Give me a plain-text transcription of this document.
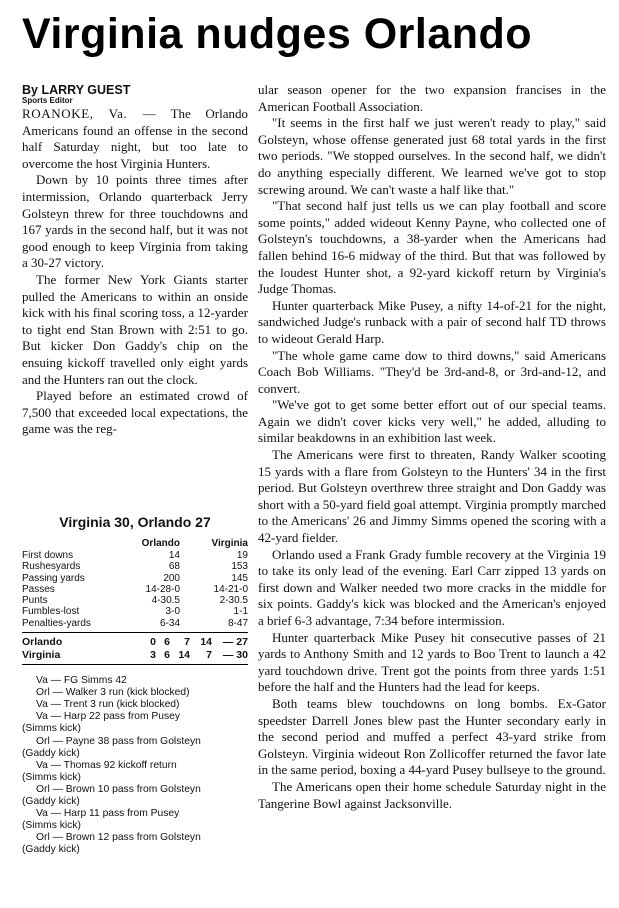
Virginia nudges Orlando
By LARRY GUEST
Sports Editor

ROANOKE, Va. — The Orlando Americans found an offense in the second half Saturday night, but too late to overcome the host Virginia Hunters.

Down by 10 points three times after intermission, Orlando quarterback Jerry Golsteyn threw for three touchdowns and 167 yards in the second half, but it was not good enough to keep Virginia from taking a 30-27 victory.

The former New York Giants starter pulled the Americans to within an onside kick with his final scoring toss, a 12-yarder to tight end Stan Brown with 2:51 to go. But kicker Don Gaddy's chip on the ensuing kickoff travelled only eight yards and the Hunters ran out the clock.

Played before an estimated crowd of 7,500 that exceeded local expectations, the game was the reg-

ular season opener for the two expansion francises in the American Football Association.

"It seems in the first half we just weren't ready to play," said Golsteyn, whose offense generated just 68 total yards in the first two periods. "We stopped ourselves. In the second half, we didn't do anything especially different. We learned we've got to stop screwing around. We can't waste a half like that."

"That second half just tells us we can play football and score some points," added wideout Kenny Payne, who collected one of Golsteyn's touchdowns, a 38-yarder when the Americans had fallen behind 16-6 midway of the third. But that was followed by the loudest Hunter shot, a 92-yard kickoff return by Virginia's Judge Thomas.

Hunter quarterback Mike Pusey, a nifty 14-of-21 for the night, sandwiched Judge's runback with a pair of second half TD throws to wideout Gerald Harp.

"The whole game came dow to third downs," said Americans Coach Bob Williams. "They'd be 3rd-and-8, or 3rd-and-12, and convert.

"We've got to get some better effort out of our special teams. Again we didn't cover kicks very well," he added, alluding to similar beakdowns in an exhibition last week.

The Americans were first to threaten, Randy Walker scooting 15 yards with a flare from Golsteyn to the Hunters' 34 in the first period. But Golsteyn overthrew three straight and Don Gaddy was short with a 50-yard field goal attempt. Virginia promptly marched to the Americans' 26 and Jimmy Simms opened the scoring with a 42-yard fielder.

Orlando used a Frank Grady fumble recovery at the Virginia 19 to take its only lead of the evening. Earl Carr zipped 13 yards on first down and Walker needed two more cracks in the middle for six points. Gaddy's kick was blocked and the American's enjoyed a brief 6-3 advantage, 7:34 before intermission.

Hunter quarterback Mike Pusey hit consecutive passes of 21 yards to Anthony Smith and 12 yards to Boo Trent to launch a 42 yard touchdown drive. Trent got the points from three yards 1:51 before the half and the Hunters had the lead for keeps.

Both teams blew touchdowns on long bombs. Ex-Gator speedster Darrell Jones blew past the Hunter secondary early in the second period and muffed a perfect 43-yard strike from Golsteyn. Virginia wideout Ron Zollicoffer returned the favor late in the same period, boxing a 44-yard Pusey bullseye to the ground.

The Americans open their home schedule Saturday night in the Tangerine Bowl against Jacksonville.

Virginia 30, Orlando 27
	Orlando	Virginia
First downs	14	19
Rushesyards	68	153
Passing yards	200	145
Passes	14-28-0	14-21-0
Punts	4-30.5	2-30.5
Fumbles-lost	3-0	1-1
Penalties-yards	6-34	8-47
Orlando	0	6	7	14	— 27
Virginia	3	6	14	7	— 30
Va — FG Simms 42
Orl — Walker 3 run (kick blocked)
Va — Trent 3 run (kick blocked)
Va — Harp 22 pass from Pusey
(Simms kick)
Orl — Payne 38 pass from Golsteyn
(Gaddy kick)
Va — Thomas 92 kickoff return
(Simms kick)
Orl — Brown 10 pass from Golsteyn
(Gaddy kick)
Va — Harp 11 pass from Pusey
(Simms kick)
Orl — Brown 12 pass from Golsteyn
(Gaddy kick)
